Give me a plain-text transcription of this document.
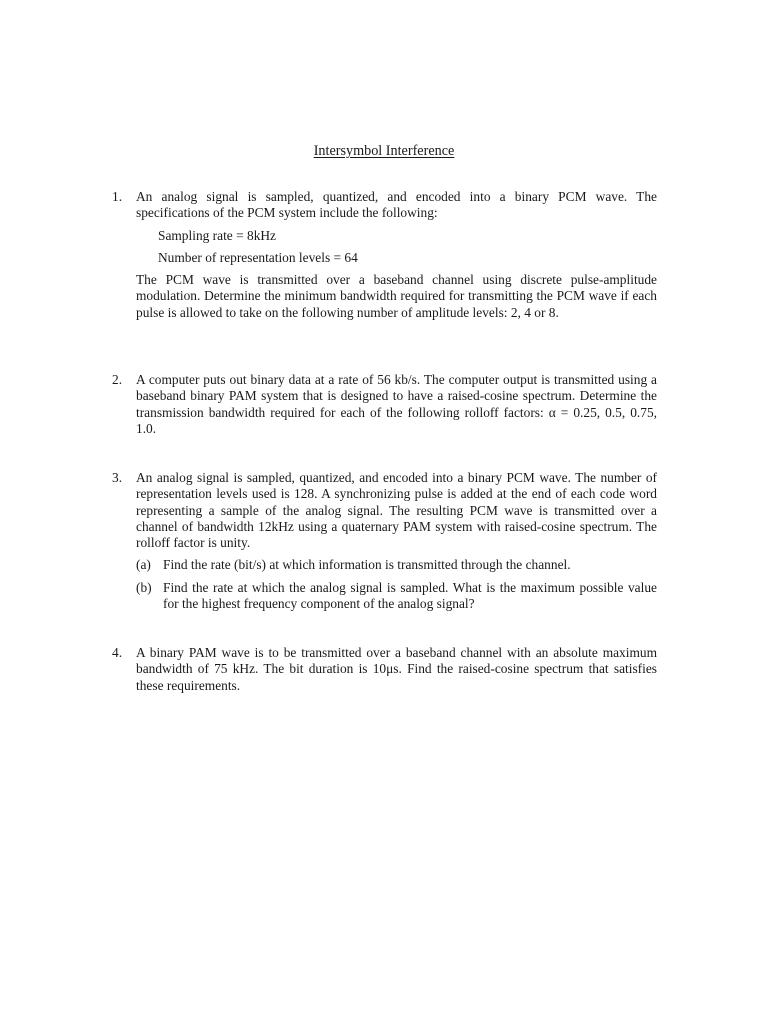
Intersymbol Interference
1.	An analog signal is sampled, quantized, and encoded into a binary PCM wave. The specifications of the PCM system include the following:

Sampling rate = 8kHz
Number of representation levels = 64

The PCM wave is transmitted over a baseband channel using discrete pulse-amplitude modulation. Determine the minimum bandwidth required for transmitting the PCM wave if each pulse is allowed to take on the following number of amplitude levels: 2, 4 or 8.

2.	A computer puts out binary data at a rate of 56 kb/s. The computer output is transmitted using a baseband binary PAM system that is designed to have a raised-cosine spectrum. Determine the transmission bandwidth required for each of the following rolloff factors: α = 0.25, 0.5, 0.75, 1.0.

3.	An analog signal is sampled, quantized, and encoded into a binary PCM wave. The number of representation levels used is 128. A synchronizing pulse is added at the end of each code word representing a sample of the analog signal. The resulting PCM wave is transmitted over a channel of bandwidth 12kHz using a quaternary PAM system with raised-cosine spectrum. The rolloff factor is unity.

(a) Find the rate (bit/s) at which information is transmitted through the channel.
(b) Find the rate at which the analog signal is sampled. What is the maximum possible value for the highest frequency component of the analog signal?
4.	A binary PAM wave is to be transmitted over a baseband channel with an absolute maximum bandwidth of 75 kHz. The bit duration is 10μs. Find the raised-cosine spectrum that satisfies these requirements.
